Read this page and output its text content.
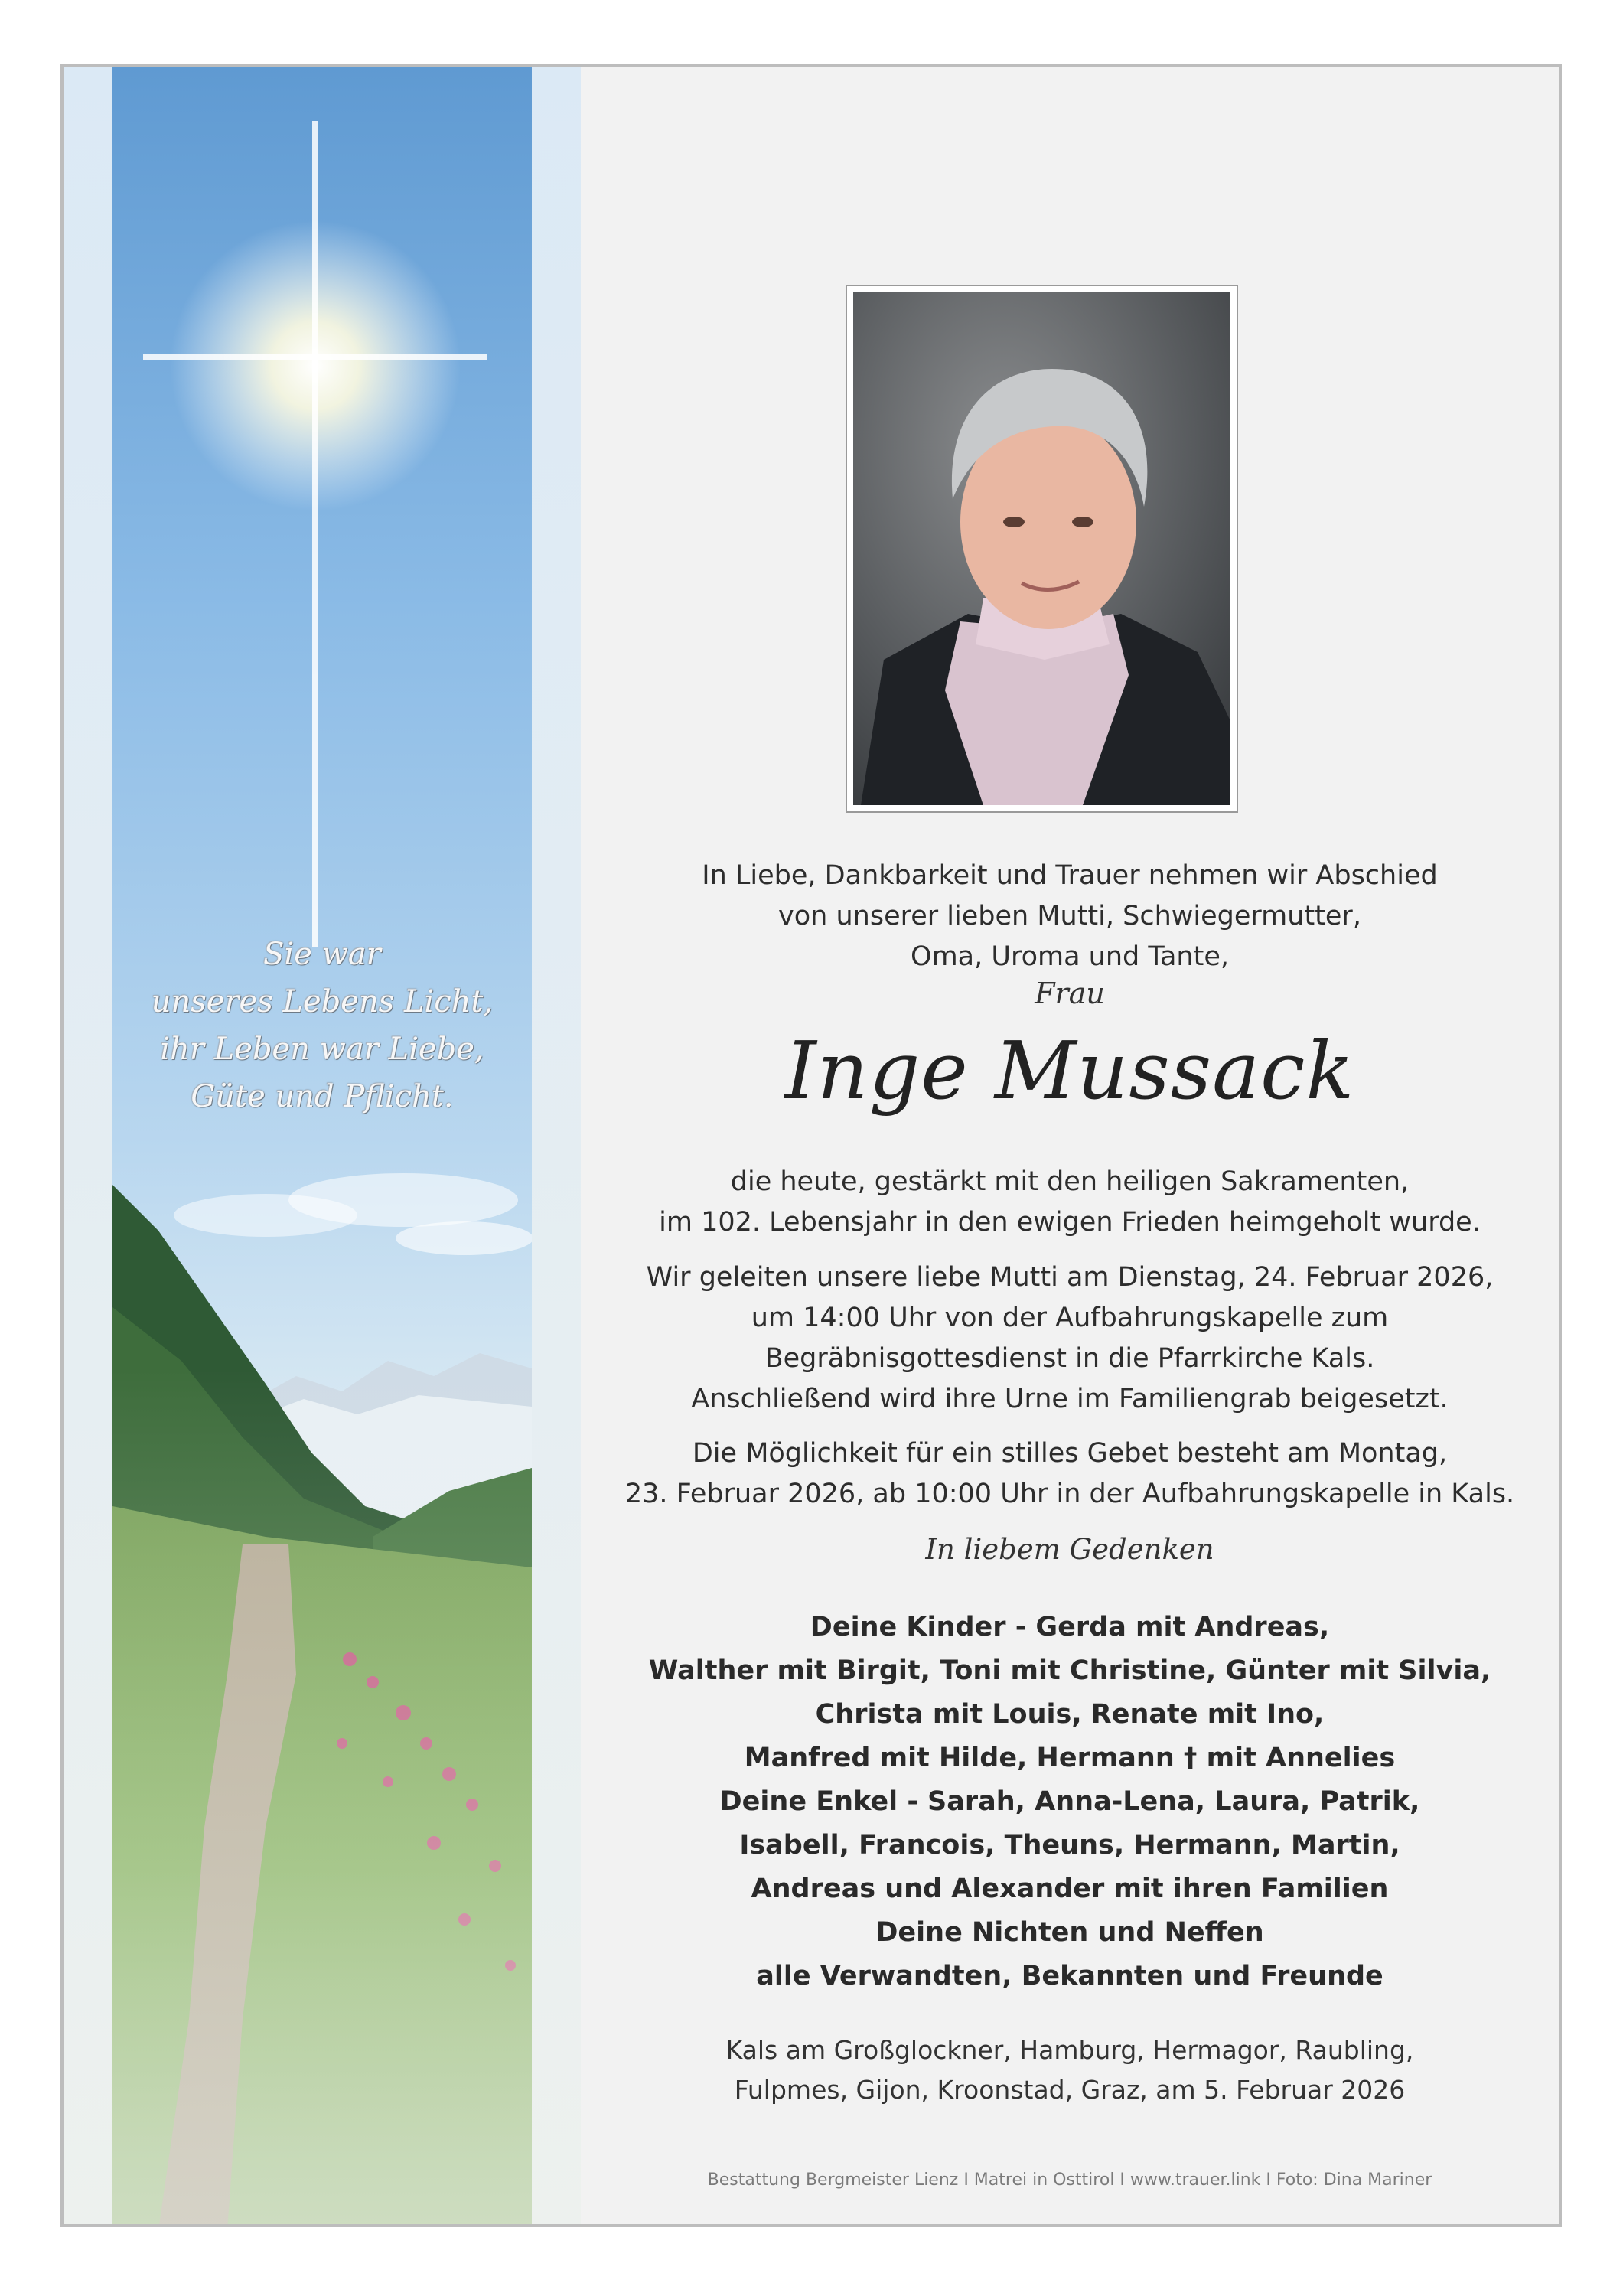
Sie war
unseres Lebens Licht,
ihr Leben war Liebe,
Güte und Pflicht.
In Liebe, Dankbarkeit und Trauer nehmen wir Abschied
von unserer lieben Mutti, Schwiegermutter,
Oma, Uroma und Tante,
Frau
Inge Mussack
die heute, gestärkt mit den heiligen Sakramenten,
im 102. Lebensjahr in den ewigen Frieden heimgeholt wurde.
Wir geleiten unsere liebe Mutti am Dienstag, 24. Februar 2026,
um 14:00 Uhr von der Aufbahrungskapelle zum
Begräbnisgottesdienst in die Pfarrkirche Kals.
Anschließend wird ihre Urne im Familiengrab beigesetzt.
Die Möglichkeit für ein stilles Gebet besteht am Montag,
23. Februar 2026, ab 10:00 Uhr in der Aufbahrungskapelle in Kals.
In liebem Gedenken
Deine Kinder - Gerda mit Andreas,
Walther mit Birgit, Toni mit Christine, Günter mit Silvia,
Christa mit Louis, Renate mit Ino,
Manfred mit Hilde, Hermann † mit Annelies
Deine Enkel - Sarah, Anna-Lena, Laura, Patrik,
Isabell, Francois, Theuns, Hermann, Martin,
Andreas und Alexander mit ihren Familien
Deine Nichten und Neffen
alle Verwandten, Bekannten und Freunde
Kals am Großglockner, Hamburg, Hermagor, Raubling,
Fulpmes, Gijon, Kroonstad, Graz, am 5. Februar 2026
Bestattung Bergmeister Lienz I Matrei in Osttirol I www.trauer.link I Foto: Dina Mariner
